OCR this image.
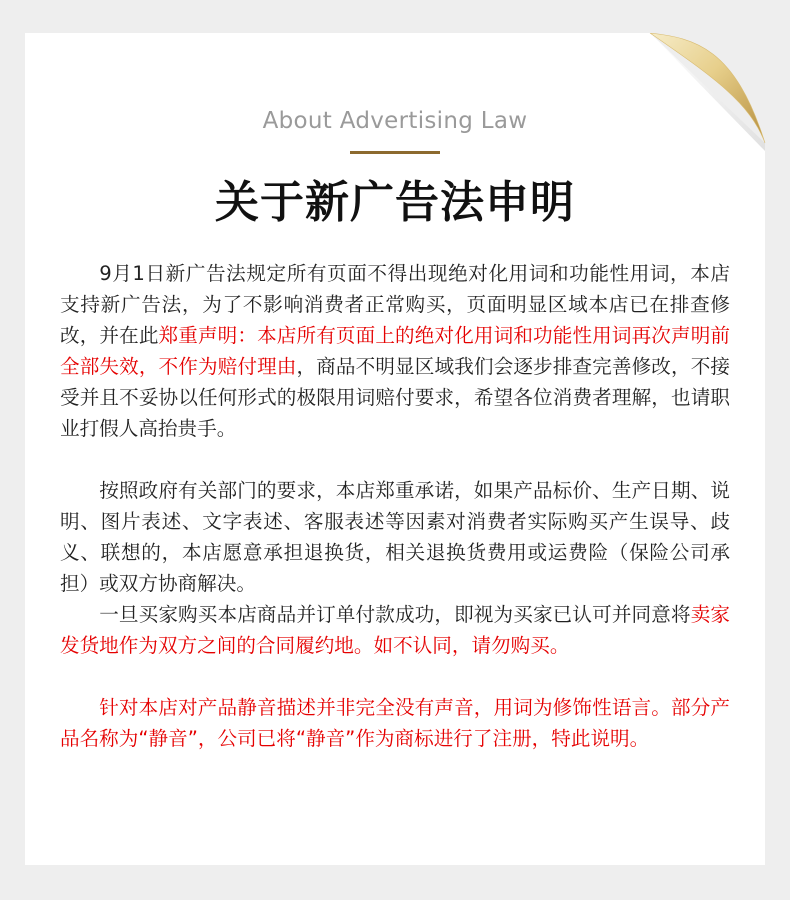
About Advertising Law
关于新广告法申明

9月1日新广告法规定所有页面不得出现绝对化用词和功能性用词，本店支持新广告法，为了不影响消费者正常购买，页面明显区域本店已在排查修改，并在此郑重声明：本店所有页面上的绝对化用词和功能性用词再次声明前全部失效，不作为赔付理由，商品不明显区域我们会逐步排查完善修改，不接受并且不妥协以任何形式的极限用词赔付要求，希望各位消费者理解，也请职业打假人高抬贵手。

按照政府有关部门的要求，本店郑重承诺，如果产品标价、生产日期、说明、图片表述、文字表述、客服表述等因素对消费者实际购买产生误导、歧义、联想的，本店愿意承担退换货，相关退换货费用或运费险（保险公司承担）或双方协商解决。

一旦买家购买本店商品并订单付款成功，即视为买家已认可并同意将卖家发货地作为双方之间的合同履约地。如不认同，请勿购买。

针对本店对产品静音描述并非完全没有声音，用词为修饰性语言。部分产品名称为“静音”，公司已将“静音”作为商标进行了注册，特此说明。
